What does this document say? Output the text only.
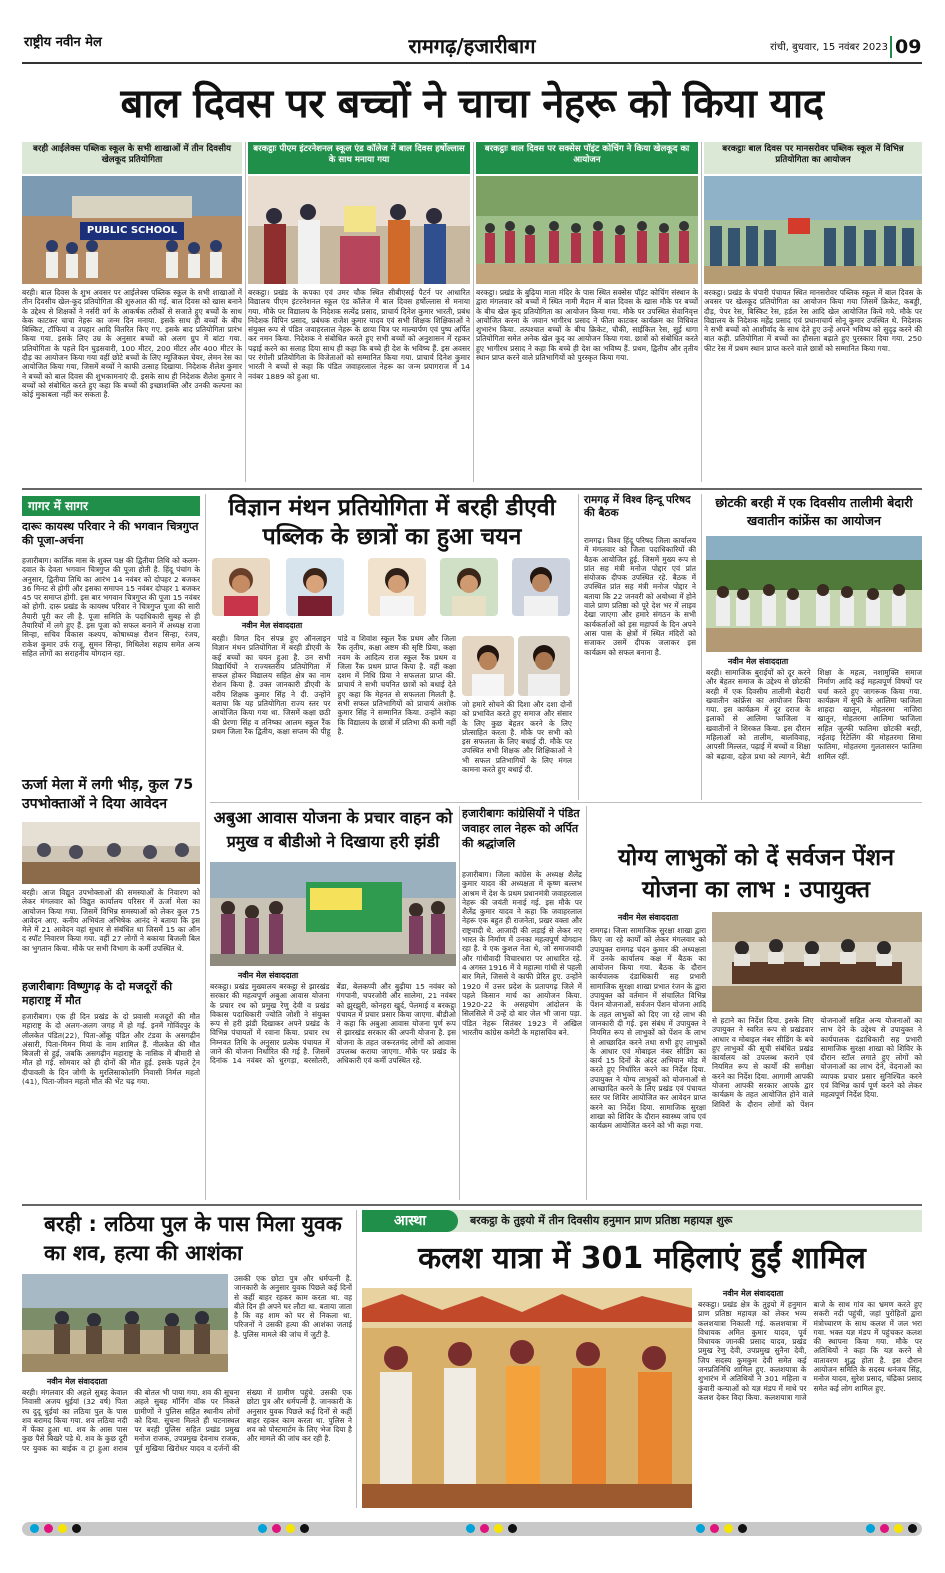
राष्ट्रीय नवीन मेल	रामगढ़/हजारीबाग	रांची, बुधवार, 15 नवंबर 2023 09
बाल दिवस पर बच्चों ने चाचा नेहरू को किया याद
बरही आईलेक्स पब्लिक स्कूल के सभी शाखाओं में तीन दिवसीय खेलकूद प्रतियोगिता
PUBLIC SCHOOL
बरही। बाल दिवस के शुभ अवसर पर आईलेक्स पब्लिक स्कूल के सभी शाखाओं में तीन दिवसीय खेल-कूद प्रतियोगिता की शुरुआत की गई. बाल दिवस को खास बनाने के उद्देश्य से शिक्षकों ने नर्सरी वर्ग के आकर्षक तरीकों से सजाते हुए बच्चों के साथ केक काटकर चाचा नेहरू का जन्म दिन मनाया. इसके साथ ही बच्चों के बीच बिस्किट, टॉफियां व उपहार आदि वितरित किए गए. इसके बाद प्रतियोगिता प्रारंभ किया गया. इसके लिए उम्र के अनुसार बच्चों को अलग ग्रुप में बांटा गया. प्रतियोगिता के पहले दिन घुड़सवारी, 100 मीटर, 200 मीटर और 400 मीटर के दौड़ का आयोजन किया गया वहीं छोटे बच्चों के लिए म्यूजिकल चेयर, लेमन रेस का आयोजित किया गया, जिसमें बच्चों ने काफी उत्साह दिखाया. निदेशक शैलेश कुमार ने बच्चों को बाल दिवस की शुभकामनाएं दी. इसके साथ ही निदेशक शैलेश कुमार ने बच्चों को संबोधित करते हुए कहा कि बच्चों की इच्छाशक्ति और उनकी कल्पना का कोई मुकाबला नहीं कर सकता है.
बरकट्ठाः पीएम इंटरनेशनल स्कूल एंड कॉलेज में बाल दिवस हर्षोल्लास के साथ मनाया गया
बरकट्ठा। प्रखंड के कपका एवं उमर चौक स्थित सीबीएसई पैटर्न पर आधारित विद्यालय पीएम इंटरनेशनल स्कूल एंड कॉलेज में बाल दिवस हर्षोल्लास से मनाया गया. मौके पर विद्यालय के निदेशक सत्येंद्र प्रसाद, प्राचार्य दिनेश कुमार भारती, प्रबंध निदेशक विपिन प्रसाद, प्रबंधक राजेश कुमार यादव एवं सभी शिक्षक शिक्षिकाओं ने संयुक्त रूप से पंडित जवाहरलाल नेहरू के छाया चित्र पर माल्यार्पण एवं पुष्प अर्पित कर नमन किया. निदेशक ने संबोधित करते हुए सभी बच्चों को अनुशासन में रहकर पढ़ाई करने का सलाह दिया साथ ही कहा कि बच्चे ही देश के भविष्य हैं. इस अवसर पर रंगोली प्रतियोगिता के विजेताओं को सम्मानित किया गया. प्राचार्य दिनेश कुमार भारती ने बच्चों से कहा कि पंडित जवाहरलाल नेहरू का जन्म प्रयागराज में 14 नवंबर 1889 को हुआ था.
बरकट्ठाः बाल दिवस पर सक्सेस पॉइंट कोचिंग ने किया खेलकूद का आयोजन
बरकट्ठा। प्रखंड के बुढ़िया माता मंदिर के पास स्थित सक्सेस पॉइंट कोचिंग संस्थान के द्वारा मंगलवार को बच्चों में स्थित नामी मैदान में बाल दिवस के खास मौके पर बच्चों के बीच खेल कूद प्रतियोगिता का आयोजन किया गया. मौके पर उपस्थित सेवानिवृत्त आयोजित करना के जवान भागीरथ प्रसाद ने फीता काटकर कार्यक्रम का विधिवत शुभारंभ किया. तत्पश्चात बच्चों के बीच क्रिकेट, चौकी, साईकिल रेस, सूई धागा प्रतियोगिता समेत अनेक खेल कूद का आयोजन किया गया. छात्रों को संबोधित करते हुए भागीरथ प्रसाद ने कहा कि बच्चे ही देश का भविष्य हैं. प्रथम, द्वितीय और तृतीय स्थान प्राप्त करने वाले प्रतिभागियों को पुरस्कृत किया गया.
बरकट्ठाः बाल दिवस पर मानसरोवर पब्लिक स्कूल में विभिन्न प्रतियोगिता का आयोजन
बरकट्ठा। प्रखंड के चंपारी पंचायत स्थित मानसरोवर पब्लिक स्कूल में बाल दिवस के अवसर पर खेलकूद प्रतियोगिता का आयोजन किया गया जिसमें क्रिकेट, कबड्डी, दौड़, पेपर रेस, बिस्किट रेस, हर्डल रेस आदि खेल आयोजित किये गये. मौके पर विद्यालय के निदेशक महेंद्र प्रसाद एवं प्रधानाचार्य सोनू कुमार उपस्थित थे. निदेशक ने सभी बच्चों को आशीर्वाद के साथ देते हुए उन्हें अपने भविष्य को सुदृढ़ करने की बात कही. प्रतियोगिता में बच्चों का हौसला बढ़ाते हुए पुरस्कार दिया गया. 250 फीट रेस में प्रथम स्थान प्राप्त करने वाले छात्रों को सम्मानित किया गया.
गागर में सागर
दारूः कायस्थ परिवार ने की भगवान चित्रगुप्त की पूजा-अर्चना
हजारीबाग। कार्तिक मास के शुक्ल पक्ष की द्वितीया तिथि को कलम-दवात के देवता भगवान चित्रगुप्त की पूजा होती है. हिंदू पंचांग के अनुसार, द्वितीया तिथि का आरंभ 14 नवंबर को दोपहर 2 बजकर 36 मिनट से होगी और इसका समापन 15 नवंबर दोपहर 1 बजकर 45 पर समाप्त होगी. इस बार भगवान चित्रगुप्त की पूजा 15 नवंबर को होगी. दारू प्रखंड के कायस्थ परिवार ने चित्रगुप्त पूजा की सारी तैयारी पूरी कर ली है. पूजा समिति के पदाधिकारी सुबह से ही तैयारियों में लगे हुए हैं. इस पूजा को सफल बनाने में अध्यक्ष राजा सिन्हा, सचिव विकास कश्यप, कोषाध्यक्ष रौशन सिन्हा, रंजय, राकेश कुमार उर्फ राजू, सुमन सिन्हा, मिथिलेश सहाय समेत अन्य सहित लोगों का सराहनीय योगदान रहा.
ऊर्जा मेला में लगी भीड़, कुल 75 उपभोक्ताओं ने दिया आवेदन
बरही। आज विद्युत उपभोक्ताओं की समस्याओं के निवारण को लेकर मंगलवार को विद्युत कार्यालय परिसर में ऊर्जा मेला का आयोजन किया गया. जिसमें विभिन्न समस्याओं को लेकर कुल 75 आवेदन आए. कनीय अभियंता अभिषेक आनंद ने बताया कि इस मेले में 21 आवेदन वहां सुधार से संबंधित था जिसमें 15 का ऑन द स्पॉट निवारण किया गया. वहीं 27 लोगों ने बकाया बिजली बिल का भुगतान किया. मौके पर सभी विभाग के कर्मी उपस्थित थे.
हजारीबागः विष्णुगढ़ के दो मजदूरों की महाराष्ट्र में मौत
हजारीबाग। एक ही दिन प्रखंड के दो प्रवासी मजदूरों की मौत महाराष्ट्र के दो अलग-अलग जगह में हो गई. इनमें गोविंदपुर के लीलकेत पंडित(22), पिता-ओंकू पंडित और टंडवा के असगढ़ीन अंसारी, पिता-मिमन मियां के नाम शामिल हैं. नीलकेत की मौत बिजली से हुई, जबकि असगढ़ीन महाराष्ट्र के नासिक में बीमारी से मौत हो गई. सोमवार को ही दोनों की मौत हुई. इसके पहले ट्रेन दीपावली के दिन जोगी के मुरलिसाकोलंगि निवासी निर्मल महतो (41), पिता-जीवन महतो मौत की भेंट चढ़ गया.
विज्ञान मंथन प्रतियोगिता में बरही डीएवी पब्लिक के छात्रों का हुआ चयन
नवीन मेल संवाददाता
बरही। विगत दिन संपन्न हुए ऑनलाइन विज्ञान मंथन प्रतियोगिता में बरही डीएवी के कई बच्चों का चयन हुआ है. उन सभी विद्यार्थियों ने राज्यस्तरीय प्रतियोगिता में सफल होकर विद्यालय सहित क्षेत्र का नाम रोशन किया है. उक्त जानकारी डीएवी के वरीय शिक्षक कुमार सिंह ने दी. उन्होंने बताया कि यह प्रतियोगिता राज्य स्तर पर आयोजित किया गया था. जिसमें कक्षा छठी की प्रेरणा सिंह व तनिष्का आलम स्कूल रैंक प्रथम जिला रैंक द्वितीय, कक्षा सप्तम की पीहू पांडे व शिवांश स्कूल रैंक प्रथम और जिला रैंक तृतीय, कक्षा अष्टम की सृष्टि प्रिया, कक्षा नवम के आदित्य राज स्कूल रैंक प्रथम व जिला रैंक प्रथम प्राप्त किया है. वहीं कक्षा दशम में निधि प्रिया ने सफलता प्राप्त की. प्राचार्य ने सभी चयनित छात्रों को बधाई देते हुए कहा कि मेहनत से सफलता मिलती है. सभी सफल प्रतिभागियों को प्राचार्य अशोक कुमार सिंह ने सम्मानित किया. उन्होंने कहा कि विद्यालय के छात्रों में प्रतिभा की कमी नहीं है.
जो हमारे सोचने की दिशा और दशा दोनों को प्रभावित करते हुए समाज और संसार के लिए कुछ बेहतर करने के लिए प्रोत्साहित करता है. मौके पर सभी को इस सफलता के लिए बधाई दी. मौके पर उपस्थित सभी शिक्षक और शिक्षिकाओं ने भी सफल प्रतिभागियों के लिए मंगल कामना करते हुए बधाई दी.
रामगढ़ में विश्व हिन्दू परिषद की बैठक
रामगढ़। विश्व हिंदू परिषद जिला कार्यालय में मंगलवार को जिला पदाधिकारियों की बैठक आयोजित हुई. जिसमें मुख्य रूप से प्रांत सह मंत्री मनोज पोद्दार एवं प्रांत संयोजक दीपक उपस्थित रहे. बैठक में उपस्थित प्रांत सह मंत्री मनोज पोद्दार ने बताया कि 22 जनवरी को अयोध्या में होने वाले प्राण प्रतिष्ठा को पूरे देश भर में लाइव देखा जाएगा और हमारे संगठन के सभी कार्यकर्ताओं को इस महापर्व के दिन अपने आस पास के क्षेत्रों में स्थित मंदिरों को सजाकर उसमें दीपक जलाकर इस कार्यक्रम को सफल बनाना है.
छोटकी बरही में एक दिवसीय तालीमी बेदारी खवातीन कांफ्रेंस का आयोजन
नवीन मेल संवाददाता
बरही। सामाजिक बुराईयों को दूर करने और बेहतर समाज के उद्देश्य से छोटकी बरही में एक दिवसीय तालीमी बेदारी खवातीन कांफ्रेंस का आयोजन किया गया. इस कार्यक्रम में दूर दराज के इलाकों से आलिमा फाजिला व खवातीनों ने शिरकत किया. इस दौरान महिलाओं को तालीम, बालविवाह, आपसी मिल्लत, पढ़ाई में बच्चों व शिक्षा को बढ़ावा, दहेज प्रथा को त्यागने, बेटी शिक्षा के महत्व, नशामुक्ति समाज निर्माण आदि कई महत्वपूर्ण विषयों पर चर्चा करते हुए जागरूक किया गया. कार्यक्रम में सूफी के आलिमा फाजिला शाहदा खातून, मोहतरमा नाजिरा खातून, मोहतरमा आलिमा फाजिला सहित जुल्फी फातिमा छोटकी बरही, नईताइ रिटेलिंग की मोहतरमा सिमा फातिमा, मोहतरमा गुलतासरन फातिमा शामिल रहीं.
अबुआ आवास योजना के प्रचार वाहन को प्रमुख व बीडीओ ने दिखाया हरी झंडी
नवीन मेल संवाददाता
बरकट्ठा। प्रखंड मुख्यालय बरकट्ठा से झारखंड सरकार की महत्वपूर्ण अबुआ आवास योजना के प्रचार रथ को प्रमुख रेणु देवी व प्रखंड विकास पदाधिकारी ज्योति जोशी ने संयुक्त रूप से हरी झंडी दिखाकर अपने प्रखंड के विभिन्न पंचायतों में रवाना किया. प्रचार रथ निम्नवत तिथि के अनुसार प्रत्येक पंचायत में जाने की योजना निर्धारित की गई है. जिसमें दिनांक 14 नवंबर को धुरगड़ा, बरसोतरी, बेंडा, बेलकप्पी और बुढ़ीया 15 नवंबर को गंगपानी, चपरजोरी और सालेमा, 21 नवंबर को झुरझुरी, कोनहरा खुर्द, पेलमाई व बरकट्ठा पंचायत में प्रचार प्रसार किया जाएगा. बीडीओ ने कहा कि अबुआ आवास योजना पूर्ण रूप से झारखंड सरकार की अपनी योजना है. इस योजना के तहत जरूरतमंद लोगों को आवास उपलब्ध कराया जाएगा. मौके पर प्रखंड के अधिकारी एवं कर्मी उपस्थित रहे.
हजारीबागः कांग्रेसियों ने पंडित जवाहर लाल नेहरू को अर्पित की श्रद्धांजलि
हजारीबाग। जिला कांग्रेस के अध्यक्ष शैलेंद्र कुमार यादव की अध्यक्षता में कृष्ण बल्लभ आश्रम में देश के प्रथम प्रधानमंत्री जवाहरलाल नेहरू की जयंती मनाई गई. इस मौके पर शैलेंद्र कुमार यादव ने कहा कि जवाहरलाल नेहरू एक बहुत ही राजनेता, प्रखर वक्ता और राष्ट्रवादी थे. आजादी की लड़ाई से लेकर नए भारत के निर्माण में उनका महत्वपूर्ण योगदान रहा है. वे एक कुशल नेता थे, जो समाजवादी और गांधीवादी विचारधारा पर आधारित रहे. 4 अगस्त 1916 में वे महात्मा गांधी से पहली बार मिले, जिससे वे काफी प्रेरित हुए. उन्होंने 1920 में उत्तर प्रदेश के प्रतापगढ़ जिले में पहले किसान मार्च का आयोजन किया. 1920-22 के असहयोग आंदोलन के सिलसिले में उन्हें दो बार जेल भी जाना पड़ा. पंडित नेहरू सितंबर 1923 में अखिल भारतीय कांग्रेस कमेटी के महासचिव बने.
योग्य लाभुकों को दें सर्वजन पेंशन योजना का लाभ : उपायुक्त
नवीन मेल संवाददाता
रामगढ़। जिला सामाजिक सुरक्षा शाखा द्वारा किए जा रहे कार्यों को लेकर मंगलवार को उपायुक्त रामगढ़ चंदन कुमार की अध्यक्षता में उनके कार्यालय कक्ष में बैठक का आयोजन किया गया. बैठक के दौरान कार्यपालक दंडाधिकारी सह प्रभारी सामाजिक सुरक्षा शाखा प्रभात रंजन के द्वारा उपायुक्त को वर्तमान में संचालित विभिन्न पेंशन योजनाओं, सर्वजन पेंशन योजना आदि के तहत लाभुकों को दिए जा रहे लाभ की जानकारी दी गई. इस संबंध में उपायुक्त ने नियमित रूप से लाभुकों को पेंशन के लाभ से आच्छादित करने तथा सभी हुए लाभुकों के आधार एवं मोबाइल नंबर सीडिंग का कार्य 15 दिनों के अंदर अभियान मोड में करते हुए निर्धारित करने का निर्देश दिया. उपायुक्त ने योग्य लाभुकों को योजनाओं से आच्छादित करने के लिए प्रखंड एवं पंचायत स्तर पर शिविर आयोजित कर आवेदन प्राप्त करने का निर्देश दिया. सामाजिक सुरक्षा शाखा को शिविर के दौरान स्वास्थ्य जांच एवं कार्यक्रम आयोजित करने को भी कहा गया.
से हटाने का निर्देश दिया. इसके लिए उपायुक्त ने स्वरित रूप से प्रखंडवार आधार व मोबाइल नंबर सीडिंग के बचे हुए लाभुकों की सूची संबंधित प्रखंड कार्यालय को उपलब्ध कराने एवं नियमित रूप से कार्यों की समीक्षा करने का निर्देश दिया. आगामी आपकी योजना आपकी सरकार आपके द्वार कार्यक्रम के तहत आयोजित होने वाले शिविरों के दौरान लोगों को पेंशन योजनाओं सहित अन्य योजनाओं का लाभ देने के उद्देश्य से उपायुक्त ने कार्यपालक दंडाधिकारी सह प्रभारी सामाजिक सुरक्षा शाखा को शिविर के दौरान स्टॉल लगाते हुए लोगों को योजनाओं का लाभ देने, वेदनाओं का व्यापक प्रचार प्रसार सुनिश्चित करने एवं विभिन्न कार्य पूर्ण करने को लेकर महत्वपूर्ण निर्देश दिया.
बरही : लठिया पुल के पास मिला युवक का शव, हत्या की आशंका
नवीन मेल संवाददाता
बरही। मंगलवार की अहले सुबह केवाल निवासी अजय धुईयां (32 वर्ष) पिता रघ दुदू धुईयां का लठिया पुल के पास शव बरामद किया गया. शव लठिया नदी में फेंका हुआ था. शव के आस पास कुछ पैसे बिखरे पड़े थे. शव के कुछ दूरी पर युवक का बाईक व ट्रा हुआ शराब की बोतल भी पाया गया. शव की सूचना अहले सुबह मॉर्निंग वॉक पर निकले ग्रामीणों ने पुलिस सहित स्थानीय लोगों को दिया. सूचना मिलते ही घटनास्थल पर बरही पुलिस सहित प्रखंड प्रमुख मनोज राजक, उपप्रमुख देवनाथ राजक, पूर्व मुखिया खिरोधर यादव व दर्जनों की संख्या में ग्रामीण पहुंचे. उसकी एक छोटा पुत्र और धर्मपत्नी है. जानकारी के अनुसार युवक पिछले कई दिनों से कहीं बाहर रहकर काम करता था. पुलिस ने शव को पोस्टमार्टम के लिए भेज दिया है और मामले की जांच कर रही है.
उसकी एक छोटा पुत्र और धर्मपत्नी है. जानकारी के अनुसार युवक पिछले कई दिनों से कहीं बाहर रहकर काम करता था. वह बीते दिन ही अपने घर लौटा था. बताया जाता है कि वह शाम को घर से निकला था. परिजनों ने उसकी हत्या की आशंका जताई है. पुलिस मामले की जांच में जुटी है.
आस्था	बरकट्ठा के तुइयो में तीन दिवसीय हनुमान प्राण प्रतिष्ठा महायज्ञ शुरू
कलश यात्रा में 301 महिलाएं हुईं शामिल
नवीन मेल संवाददाता
बरकट्ठा। प्रखंड क्षेत्र के तुइयो में हनुमान प्राण प्रतिष्ठा महायज्ञ को लेकर भव्य कलशयात्रा निकाली गई. कलशयात्रा में विधायक अमित कुमार यादव, पूर्व विधायक जानकी प्रसाद यादव, प्रखंड प्रमुख रेणु देवी, उपप्रमुख सुनैना देवी, जिप सदस्य कुमकुम देवी समेत कई जनप्रतिनिधि शामिल हुए. कलशयात्रा के शुभारंभ में अतिथियों ने 301 महिला व कुंवारी कन्याओं को यज्ञ मंडप में माथे पर कलश देकर विदा किया. कलशयात्रा गाजे बाजे के साथ गांव का भ्रमण करते हुए सकरी नदी पहुंची, जहां पुरोहितों द्वारा मंत्रोच्चारण के साथ कलश में जल भरा गया. भक्त यज्ञ मंडप में पहुंचकर कलश की स्थापना किया गया. मौके पर अतिथियों ने कहा कि यज्ञ करने से वातावरण शुद्ध होता है. इस दौरान आयोजन समिति के सदस्य धनंजय सिंह, मनोज यादव, सुरेश प्रसाद, चंद्रिका प्रसाद समेत कई लोग शामिल हुए.
